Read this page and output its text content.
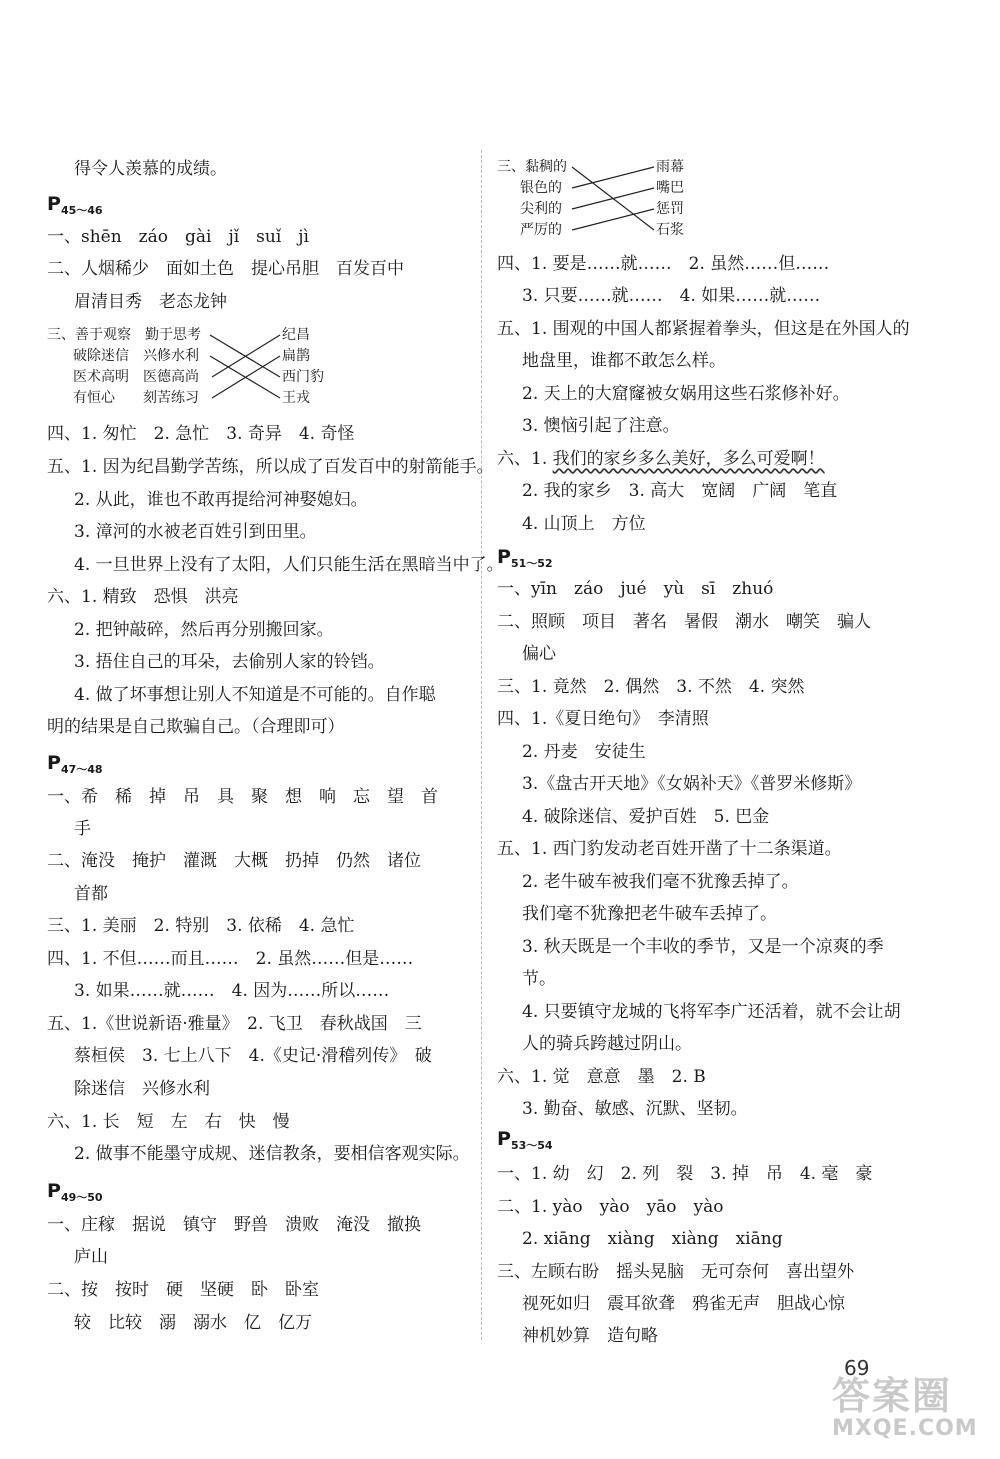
得令人羡慕的成绩。
$P_{45\sim 46}$
一、shēn　záo　gài　jǐ　suǐ　jì
二、人烟稀少　面如土色　提心吊胆　百发百中
眉清目秀　老态龙钟
三、善于观察　勤于思考
破除迷信　兴修水利
医术高明　医德高尚
有恒心　　刻苦练习
纪昌
扁鹊
西门豹
王戎
四、1. 匆忙　2. 急忙　3. 奇异　4. 奇怪
五、1. 因为纪昌勤学苦练，所以成了百发百中的射箭能手。
2. 从此，谁也不敢再提给河神娶媳妇。
3. 漳河的水被老百姓引到田里。
4. 一旦世界上没有了太阳，人们只能生活在黑暗当中了。
六、1. 精致　恐惧　洪亮
2. 把钟敲碎，然后再分别搬回家。
3. 捂住自己的耳朵，去偷别人家的铃铛。
4. 做了坏事想让别人不知道是不可能的。自作聪
明的结果是自己欺骗自己。（合理即可）
$P_{47\sim 48}$
一、希　稀　掉　吊　具　聚　想　响　忘　望　首
手
二、淹没　掩护　灌溉　大概　扔掉　仍然　诸位
首都
三、1. 美丽　2. 特别　3. 依稀　4. 急忙
四、1. 不但……而且……　2. 虽然……但是……
3. 如果……就……　4. 因为……所以……
五、1.《世说新语·雅量》　2. 飞卫　春秋战国　三
蔡桓侯　3. 七上八下　4.《史记·滑稽列传》　破
除迷信　兴修水利
六、1. 长　短　左　右　快　慢
2. 做事不能墨守成规、迷信教条，要相信客观实际。
$P_{49\sim 50}$
一、庄稼　据说　镇守　野兽　溃败　淹没　撤换
庐山
二、按　按时　硬　坚硬　卧　卧室
较　比较　溺　溺水　亿　亿万
三、黏稠的
银色的
尖利的
严厉的
雨幕
嘴巴
惩罚
石浆
四、1. 要是……就……　2. 虽然……但……
3. 只要……就……　4. 如果……就……
五、1. 围观的中国人都紧握着拳头，但这是在外国人的
地盘里，谁都不敢怎么样。
2. 天上的大窟窿被女娲用这些石浆修补好。
3. 懊恼引起了注意。
六、1. 我们的家乡多么美好，多么可爱啊！
2. 我的家乡　3. 高大　宽阔　广阔　笔直
4. 山顶上　方位
$P_{51\sim 52}$
一、yīn　záo　jué　yù　sī　zhuó
二、照顾　项目　著名　暑假　潮水　嘲笑　骗人
偏心
三、1. 竟然　2. 偶然　3. 不然　4. 突然
四、1.《夏日绝句》　李清照
2. 丹麦　安徒生
3.《盘古开天地》《女娲补天》《普罗米修斯》
4. 破除迷信、爱护百姓　5. 巴金
五、1. 西门豹发动老百姓开凿了十二条渠道。
2. 老牛破车被我们毫不犹豫丢掉了。
我们毫不犹豫把老牛破车丢掉了。
3. 秋天既是一个丰收的季节，又是一个凉爽的季
节。
4. 只要镇守龙城的飞将军李广还活着，就不会让胡
人的骑兵跨越过阴山。
六、1. 觉　意意　墨　2. B
3. 勤奋、敏感、沉默、坚韧。
$P_{53\sim 54}$
一、1. 幼　幻　2. 列　裂　3. 掉　吊　4. 毫　豪
二、1. yào　yào　yāo　yào
2. xiāng　xiàng　xiàng　xiāng
三、左顾右盼　摇头晃脑　无可奈何　喜出望外
视死如归　震耳欲聋　鸦雀无声　胆战心惊
神机妙算　造句略
69
答案圈
MXQE.COM
